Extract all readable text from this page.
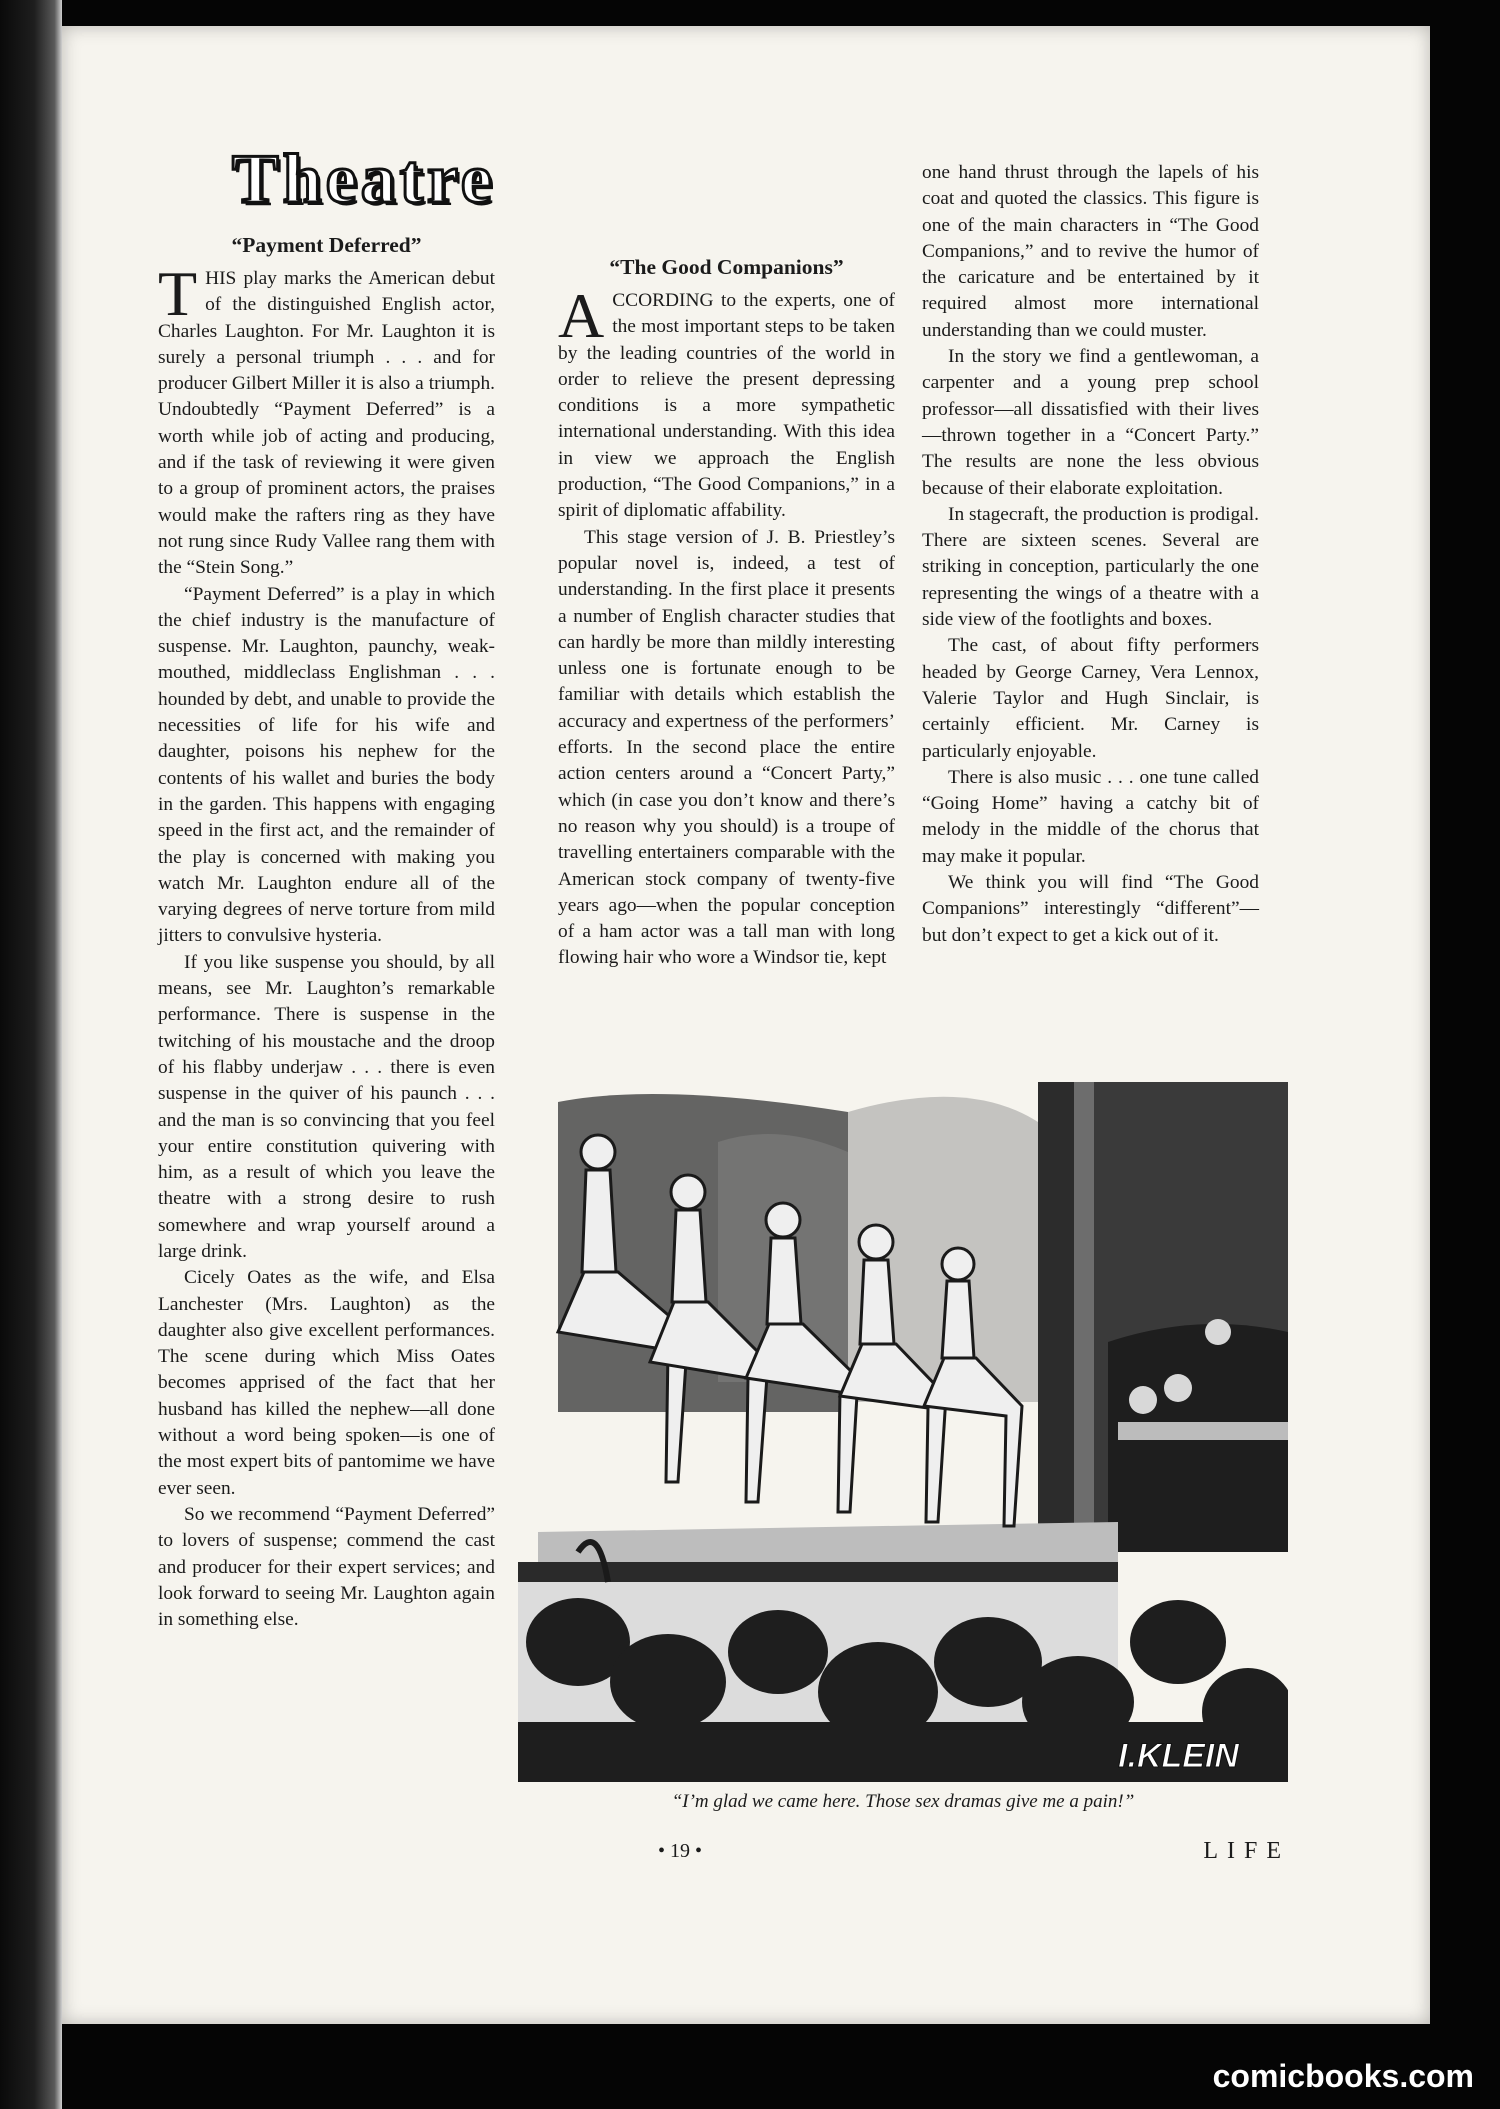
Theatre
“Payment Deferred”

THIS play marks the American debut of the distinguished English actor, Charles Laughton. For Mr. Laughton it is surely a personal triumph . . . and for producer Gilbert Miller it is also a triumph. Undoubtedly “Payment Deferred” is a worth while job of acting and producing, and if the task of reviewing it were given to a group of prominent actors, the praises would make the rafters ring as they have not rung since Rudy Vallee rang them with the “Stein Song.”

“Payment Deferred” is a play in which the chief industry is the manufacture of suspense. Mr. Laughton, paunchy, weak-mouthed, middleclass Englishman . . . hounded by debt, and unable to provide the necessities of life for his wife and daughter, poisons his nephew for the contents of his wallet and buries the body in the garden. This happens with engaging speed in the first act, and the remainder of the play is concerned with making you watch Mr. Laughton endure all of the varying degrees of nerve torture from mild jitters to convulsive hysteria.

If you like suspense you should, by all means, see Mr. Laughton’s remarkable performance. There is suspense in the twitching of his moustache and the droop of his flabby underjaw . . . there is even suspense in the quiver of his paunch . . . and the man is so convincing that you feel your entire constitution quivering with him, as a result of which you leave the theatre with a strong desire to rush somewhere and wrap yourself around a large drink.

Cicely Oates as the wife, and Elsa Lanchester (Mrs. Laughton) as the daughter also give excellent performances. The scene during which Miss Oates becomes apprised of the fact that her husband has killed the nephew—all done without a word being spoken—is one of the most expert bits of pantomime we have ever seen.

So we recommend “Payment Deferred” to lovers of suspense; commend the cast and producer for their expert services; and look forward to seeing Mr. Laughton again in something else.

“The Good Companions”

ACCORDING to the experts, one of the most important steps to be taken by the leading countries of the world in order to relieve the present depressing conditions is a more sympathetic international understanding. With this idea in view we approach the English production, “The Good Companions,” in a spirit of diplomatic affability.

This stage version of J. B. Priestley’s popular novel is, indeed, a test of understanding. In the first place it presents a number of English character studies that can hardly be more than mildly interesting unless one is fortunate enough to be familiar with details which establish the accuracy and expertness of the performers’ efforts. In the second place the entire action centers around a “Concert Party,” which (in case you don’t know and there’s no reason why you should) is a troupe of travelling entertainers comparable with the American stock company of twenty-five years ago—when the popular conception of a ham actor was a tall man with long flowing hair who wore a Windsor tie, kept

one hand thrust through the lapels of his coat and quoted the classics. This figure is one of the main characters in “The Good Companions,” and to revive the humor of the caricature and be entertained by it required almost more international understanding than we could muster.

In the story we find a gentlewoman, a carpenter and a young prep school professor—all dissatisfied with their lives—thrown together in a “Concert Party.” The results are none the less obvious because of their elaborate exploitation.

In stagecraft, the production is prodigal. There are sixteen scenes. Several are striking in conception, particularly the one representing the wings of a theatre with a side view of the footlights and boxes.

The cast, of about fifty performers headed by George Carney, Vera Lennox, Valerie Taylor and Hugh Sinclair, is certainly efficient. Mr. Carney is particularly enjoyable.

There is also music . . . one tune called “Going Home” having a catchy bit of melody in the middle of the chorus that may make it popular.

We think you will find “The Good Companions” interestingly “different”—but don’t expect to get a kick out of it.

I.KLEIN
“I’m glad we came here. Those sex dramas give me a pain!”
• 19 •	LIFE
comicbooks.com
